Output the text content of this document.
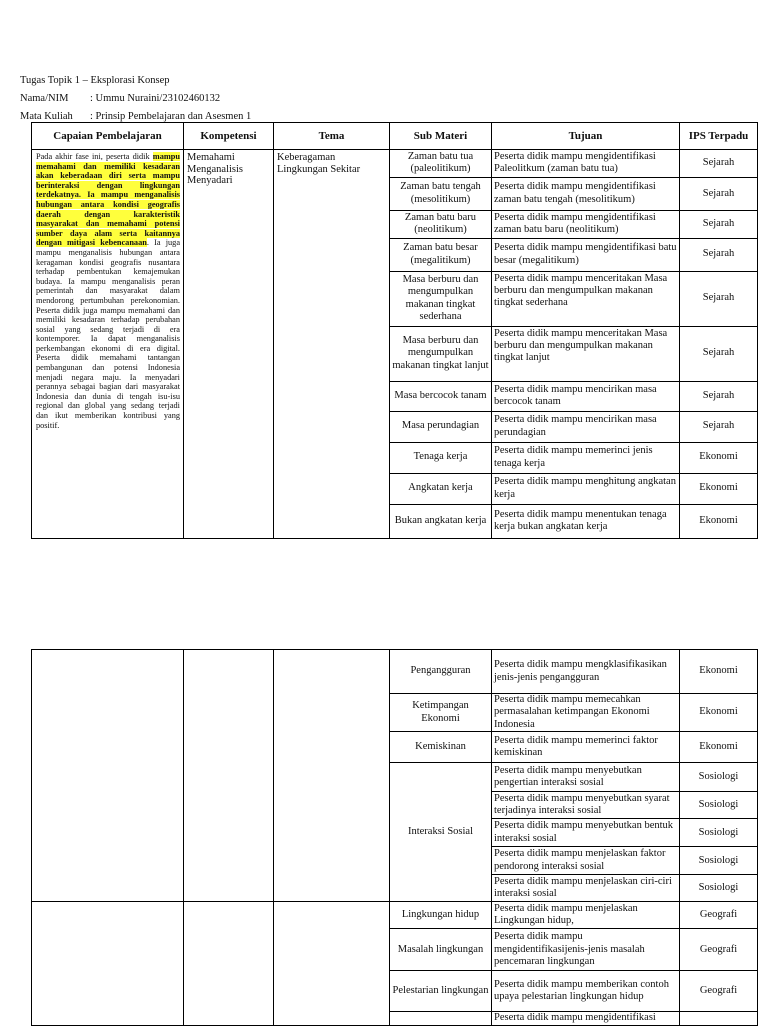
Tugas Topik 1 – Eksplorasi Konsep
Nama/NIM	: Ummu Nuraini/23102460132
Mata Kuliah	: Prinsip Pembelajaran dan Asesmen 1
Capaian Pembelajaran	Kompetensi	Tema	Sub Materi	Tujuan	IPS Terpadu
Pada akhir fase ini, peserta didik mampu memahami dan memiliki kesadaran akan keberadaan diri serta mampu berinteraksi dengan lingkungan terdekatnya. Ia mampu menganalisis hubungan antara kondisi geografis daerah dengan karakteristik masyarakat dan memahami potensi sumber daya alam serta kaitannya dengan mitigasi kebencanaan. Ia juga mampu menganalisis hubungan antara keragaman kondisi geografis nusantara terhadap pembentukan kemajemukan budaya. Ia mampu menganalisis peran pemerintah dan masyarakat dalam mendorong pertumbuhan perekonomian. Peserta didik juga mampu memahami dan memiliki kesadaran terhadap perubahan sosial yang sedang terjadi di era kontemporer. Ia dapat menganalisis perkembangan ekonomi di era digital. Peserta didik memahami tantangan pembangunan dan potensi Indonesia menjadi negara maju. Ia menyadari perannya sebagai bagian dari masyarakat Indonesia dan dunia di tengah isu-isu regional dan global yang sedang terjadi dan ikut memberikan kontribusi yang positif.	Memahami Menganalisis Menyadari	Keberagaman Lingkungan Sekitar	Zaman batu tua (paleolitikum)	Peserta didik mampu mengidentifikasi Paleolitkum (zaman batu tua)	Sejarah
			Zaman batu tengah (mesolitikum)	Peserta didik mampu mengidentifikasi zaman batu tengah (mesolitikum)	Sejarah
			Zaman batu baru (neolitikum)	Peserta didik mampu mengidentifikasi zaman batu baru (neolitikum)	Sejarah
			Zaman batu besar (megalitikum)	Peserta didik mampu mengidentifikasi batu besar (megalitikum)	Sejarah
			Masa berburu dan mengumpulkan makanan tingkat sederhana	Peserta didik mampu menceritakan Masa berburu dan mengumpulkan makanan tingkat sederhana	Sejarah
			Masa berburu dan mengumpulkan makanan tingkat lanjut	Peserta didik mampu menceritakan Masa berburu dan mengumpulkan makanan tingkat lanjut	Sejarah
			Masa bercocok tanam	Peserta didik mampu mencirikan masa bercocok tanam	Sejarah
			Masa perundagian	Peserta didik mampu mencirikan masa perundagian	Sejarah
			Tenaga kerja	Peserta didik mampu memerinci jenis tenaga kerja	Ekonomi
			Angkatan kerja	Peserta didik mampu menghitung angkatan kerja	Ekonomi
			Bukan angkatan kerja	Peserta didik mampu menentukan tenaga kerja bukan angkatan kerja	Ekonomi
			Pengangguran	Peserta didik mampu mengklasifikasikan jenis-jenis pengangguran	Ekonomi
			Ketimpangan Ekonomi	Peserta didik mampu memecahkan permasalahan ketimpangan Ekonomi Indonesia	Ekonomi
			Kemiskinan	Peserta didik mampu memerinci faktor kemiskinan	Ekonomi
			Interaksi Sosial	Peserta didik mampu menyebutkan pengertian interaksi sosial	Sosiologi
				Peserta didik mampu menyebutkan syarat terjadinya interaksi sosial	Sosiologi
				Peserta didik mampu menyebutkan bentuk interaksi sosial	Sosiologi
				Peserta didik mampu menjelaskan faktor pendorong interaksi sosial	Sosiologi
				Peserta didik mampu menjelaskan ciri-ciri interaksi sosial	Sosiologi
			Lingkungan hidup	Peserta didik mampu menjelaskan Lingkungan hidup,	Geografi
			Masalah lingkungan	Peserta didik mampu mengidentifikasijenis-jenis masalah pencemaran lingkungan	Geografi
			Pelestarian lingkungan	Peserta didik mampu memberikan contoh upaya pelestarian lingkungan hidup	Geografi
				Peserta didik mampu mengidentifikasi	
